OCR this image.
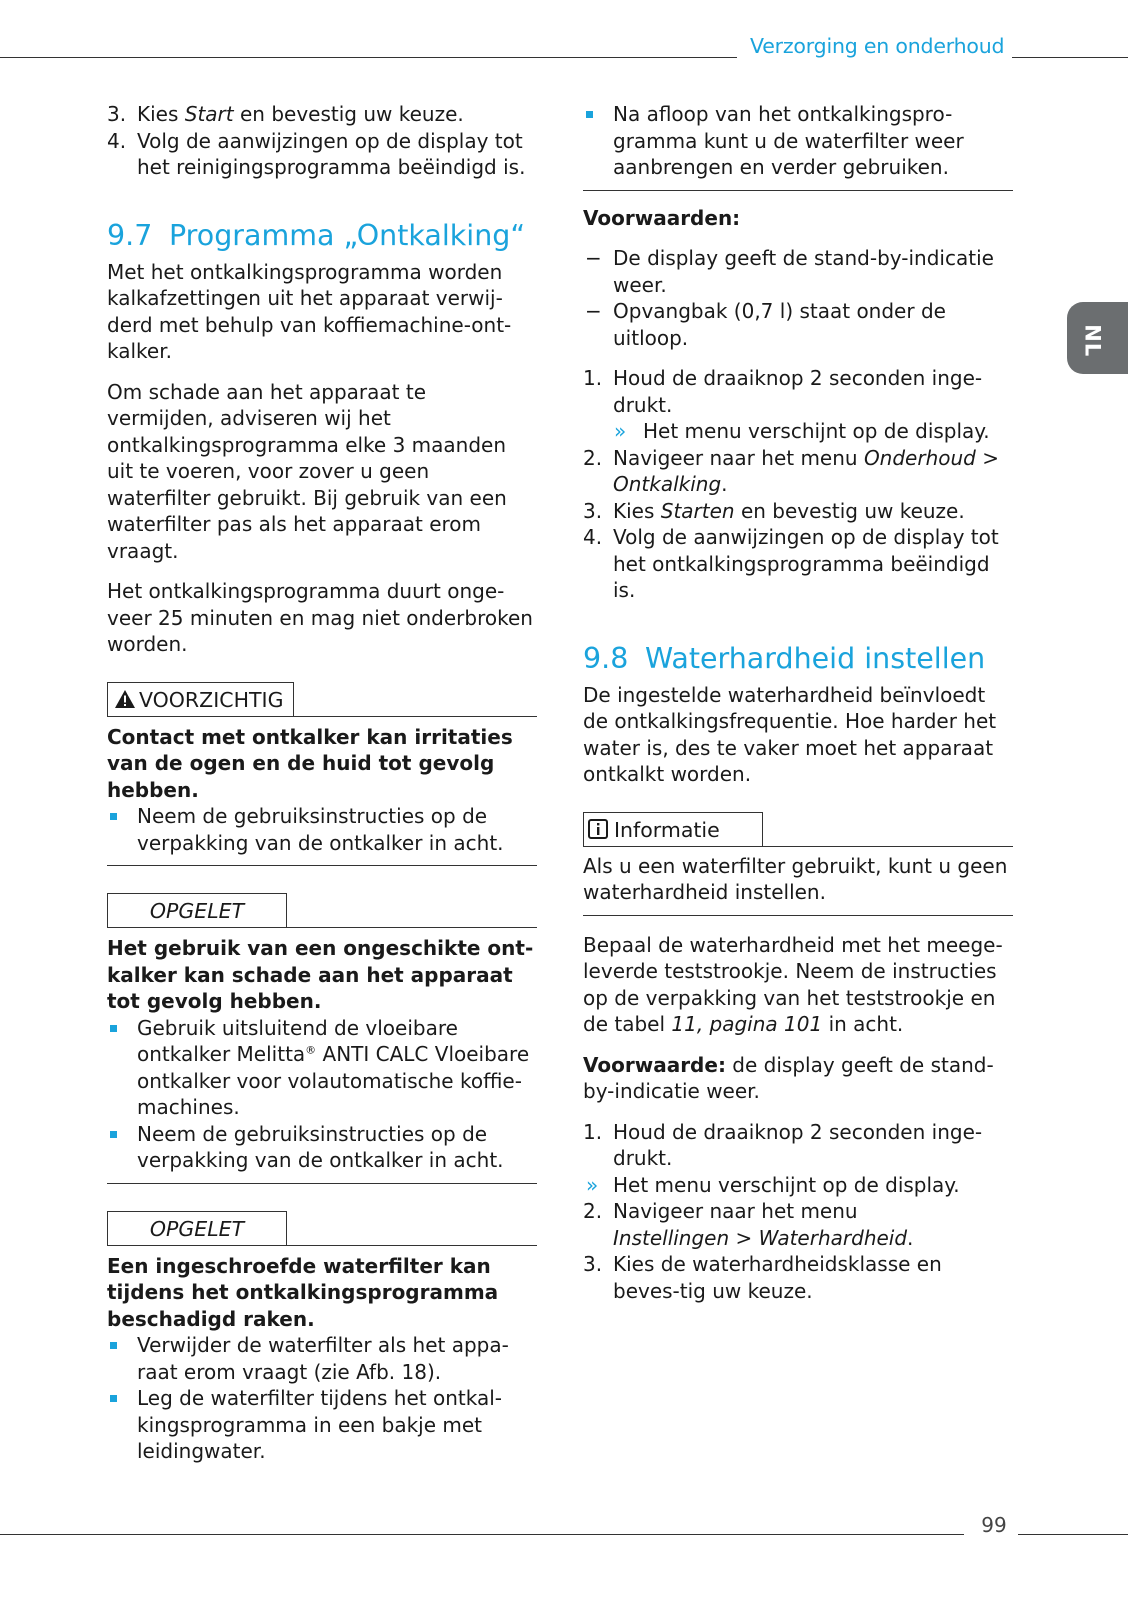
Verzorging en onderhoud
NL
3. Kies Start en bevestig uw keuze.
4. Volg de aanwijzingen op de display tot het reinigingsprogramma beëindigd is.
9.7 Programma „Ontkalking“

Met het ontkalkingsprogramma worden kalkafzettingen uit het apparaat verwij-derd met behulp van koffiemachine-ont-kalker.

Om schade aan het apparaat te vermijden, adviseren wij het ontkalkingsprogramma elke 3 maanden uit te voeren, voor zover u geen waterfilter gebruikt. Bij gebruik van een waterfilter pas als het apparaat erom vraagt.

Het ontkalkingsprogramma duurt onge-veer 25 minuten en mag niet onderbroken worden.

VOORZICHTIG
Contact met ontkalker kan irritaties van de ogen en de huid tot gevolg hebben.
Neem de gebruiksinstructies op de verpakking van de ontkalker in acht.
OPGELET
Het gebruik van een ongeschikte ont-kalker kan schade aan het apparaat tot gevolg hebben.
Gebruik uitsluitend de vloeibare ontkalker Melitta® ANTI CALC Vloeibare ontkalker voor volautomatische koffie-machines.
Neem de gebruiksinstructies op de verpakking van de ontkalker in acht.
OPGELET
Een ingeschroefde waterfilter kan tijdens het ontkalkingsprogramma beschadigd raken.
Verwijder de waterfilter als het appa-raat erom vraagt (zie Afb. 18).
Leg de waterfilter tijdens het ontkal-kingsprogramma in een bakje met leidingwater.
Na afloop van het ontkalkingspro-gramma kunt u de waterfilter weer aanbrengen en verder gebruiken.
Voorwaarden:
− De display geeft de stand-by-indicatie weer.
− Opvangbak (0,7 l) staat onder de uitloop.
1. Houd de draaiknop 2 seconden inge-drukt.
» Het menu verschijnt op de display.
2. Navigeer naar het menu Onderhoud > Ontkalking.
3. Kies Starten en bevestig uw keuze.
4. Volg de aanwijzingen op de display tot het ontkalkingsprogramma beëindigd is.
9.8 Waterhardheid instellen

De ingestelde waterhardheid beïnvloedt de ontkalkingsfrequentie. Hoe harder het water is, des te vaker moet het apparaat ontkalkt worden.

Informatie
Als u een waterfilter gebruikt, kunt u geen waterhardheid instellen.

Bepaal de waterhardheid met het meege-leverde teststrookje. Neem de instructies op de verpakking van het teststrookje en de tabel 11, pagina 101 in acht.

Voorwaarde: de display geeft de stand-by-indicatie weer.

1. Houd de draaiknop 2 seconden inge-drukt.
» Het menu verschijnt op de display.
2. Navigeer naar het menu
Instellingen > Waterhardheid.
3. Kies de waterhardheidsklasse en beves-tig uw keuze.
99
